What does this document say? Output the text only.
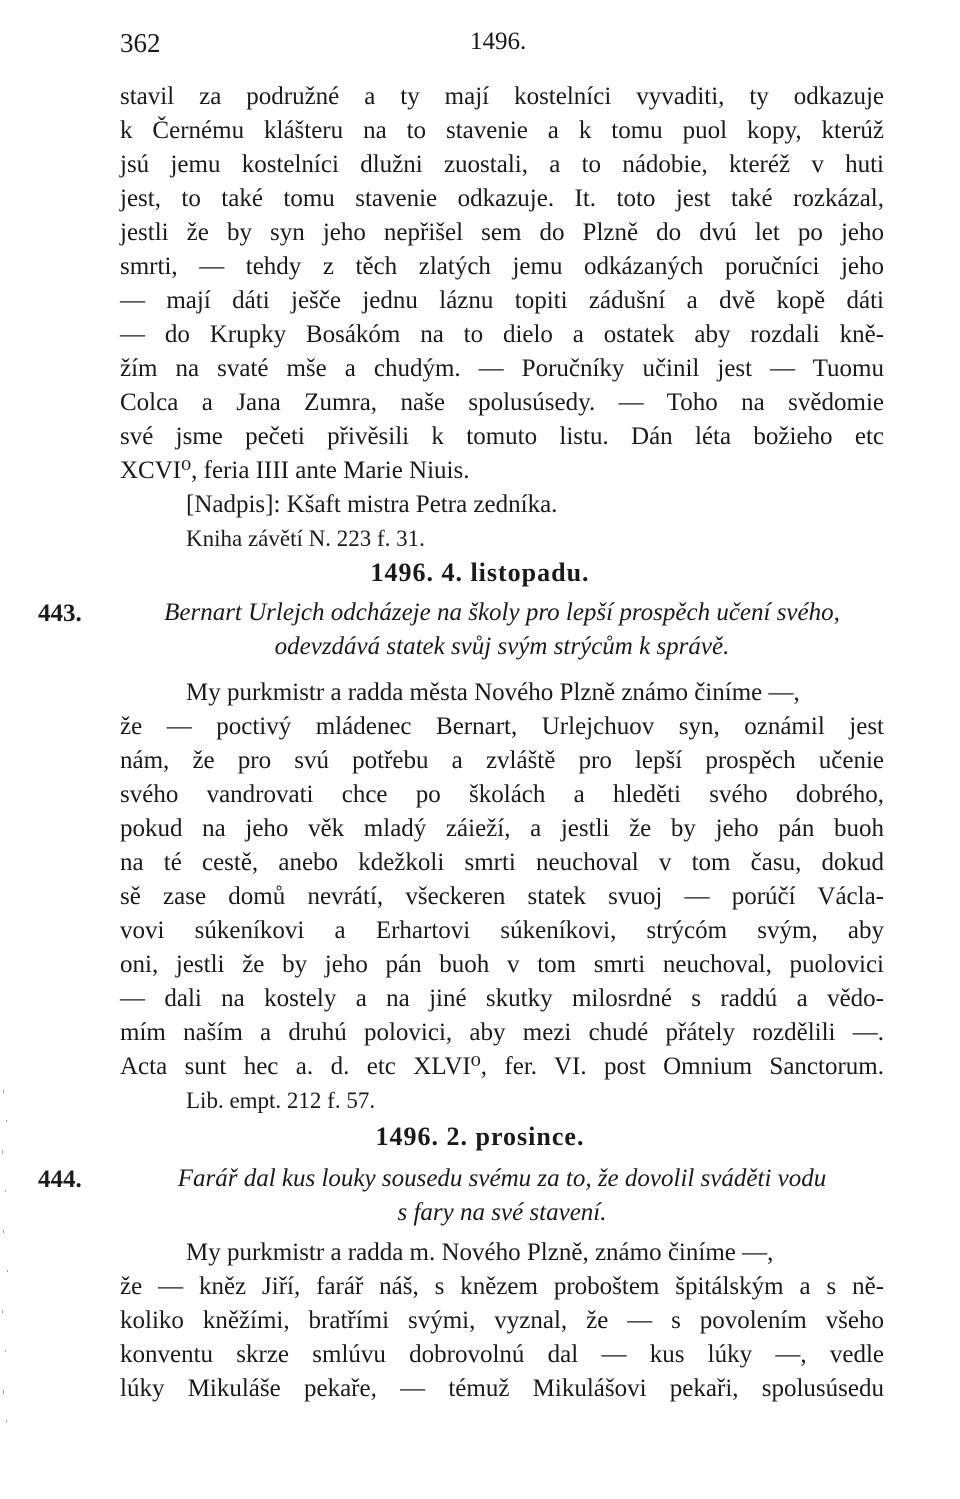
362	1496.
stavil za podružné a ty mají kostelníci vyvaditi, ty odkazuje
k Černému klášteru na to stavenie a k tomu puol kopy, kterúž
jsú jemu kostelníci dlužni zuostali, a to nádobie, kteréž v huti
jest, to také tomu stavenie odkazuje. It. toto jest také rozkázal,
jestli že by syn jeho nepřišel sem do Plzně do dvú let po jeho
smrti, — tehdy z těch zlatých jemu odkázaných poručníci jeho
— mají dáti ješče jednu láznu topiti zádušní a dvě kopě dáti
— do Krupky Bosákóm na to dielo a ostatek aby rozdali kně-
žím na svaté mše a chudým. — Poručníky učinil jest — Tuomu
Colca a Jana Zumra, naše spolusúsedy. — Toho na svědomie
své jsme pečeti přivěsili k tomuto listu. Dán léta božieho etc
XCVI⁰, feria IIII ante Marie Niuis.
[Nadpis]: Kšaft mistra Petra zedníka.
Kniha závětí N. 223 f. 31.
1496. 4. listopadu.
443.	Bernart Urlejch odcházeje na školy pro lepší prospěch učení svého,
odevzdává statek svůj svým strýcům k správě.
My purkmistr a radda města Nového Plzně známo činíme —,
že — poctivý mládenec Bernart, Urlejchuov syn, oznámil jest
nám, že pro svú potřebu a zvláště pro lepší prospěch učenie
svého vandrovati chce po školách a hleděti svého dobrého,
pokud na jeho věk mladý záieží, a jestli že by jeho pán buoh
na té cestě, anebo kdežkoli smrti neuchoval v tom času, dokud
sě zase domů nevrátí, všeckeren statek svuoj — porúčí Václa-
vovi súkeníkovi a Erhartovi súkeníkovi, strýcóm svým, aby
oni, jestli že by jeho pán buoh v tom smrti neuchoval, puolovici
— dali na kostely a na jiné skutky milosrdné s raddú a vědo-
mím naším a druhú polovici, aby mezi chudé přátely rozdělili —.
Acta sunt hec a. d. etc XLVI⁰, fer. VI. post Omnium Sanctorum.
Lib. empt. 212 f. 57.
1496. 2. prosince.
444.	Farář dal kus louky sousedu svému za to, že dovolil sváděti vodu
s fary na své stavení.
My purkmistr a radda m. Nového Plzně, známo činíme —,
že — kněz Jiří, farář náš, s knězem proboštem špitálským a s ně-
koliko kněžími, bratřími svými, vyznal, že — s povolením všeho
konventu skrze smlúvu dobrovolnú dal — kus lúky —, vedle
lúky Mikuláše pekaře, — témuž Mikulášovi pekaři, spolusúsedu
